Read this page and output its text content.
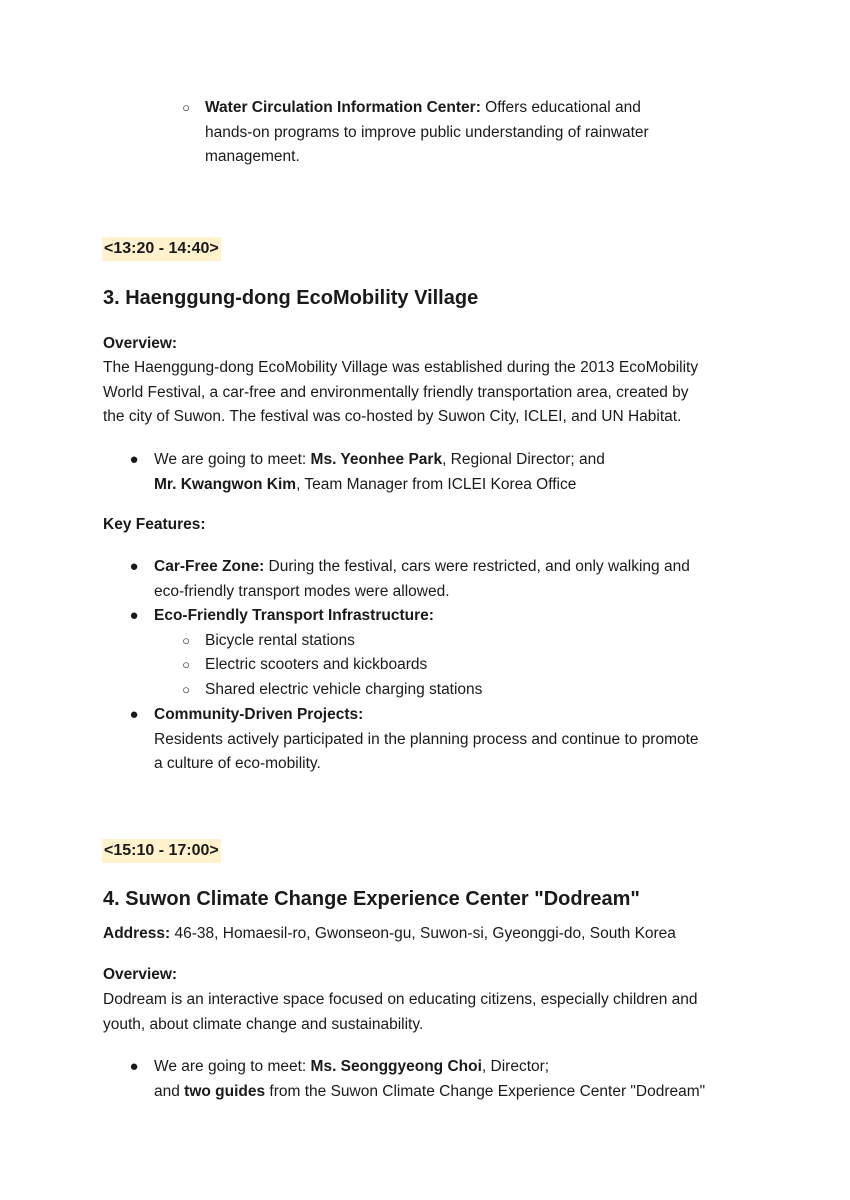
○ Water Circulation Information Center: Offers educational and
hands-on programs to improve public understanding of rainwater
management.
<13:20 - 14:40>
3. Haenggung-dong EcoMobility Village
Overview:
The Haenggung-dong EcoMobility Village was established during the 2013 EcoMobility
World Festival, a car-free and environmentally friendly transportation area, created by
the city of Suwon. The festival was co-hosted by Suwon City, ICLEI, and UN Habitat.
● We are going to meet: Ms. Yeonhee Park, Regional Director; and
Mr. Kwangwon Kim, Team Manager from ICLEI Korea Office
Key Features:
● Car-Free Zone: During the festival, cars were restricted, and only walking and
eco-friendly transport modes were allowed.
● Eco-Friendly Transport Infrastructure:
○ Bicycle rental stations
○ Electric scooters and kickboards
○ Shared electric vehicle charging stations
● Community-Driven Projects:
Residents actively participated in the planning process and continue to promote
a culture of eco-mobility.
<15:10 - 17:00>
4. Suwon Climate Change Experience Center "Dodream"
Address: 46-38, Homaesil-ro, Gwonseon-gu, Suwon-si, Gyeonggi-do, South Korea
Overview:
Dodream is an interactive space focused on educating citizens, especially children and
youth, about climate change and sustainability.
● We are going to meet: Ms. Seonggyeong Choi, Director;
and two guides from the Suwon Climate Change Experience Center "Dodream"
